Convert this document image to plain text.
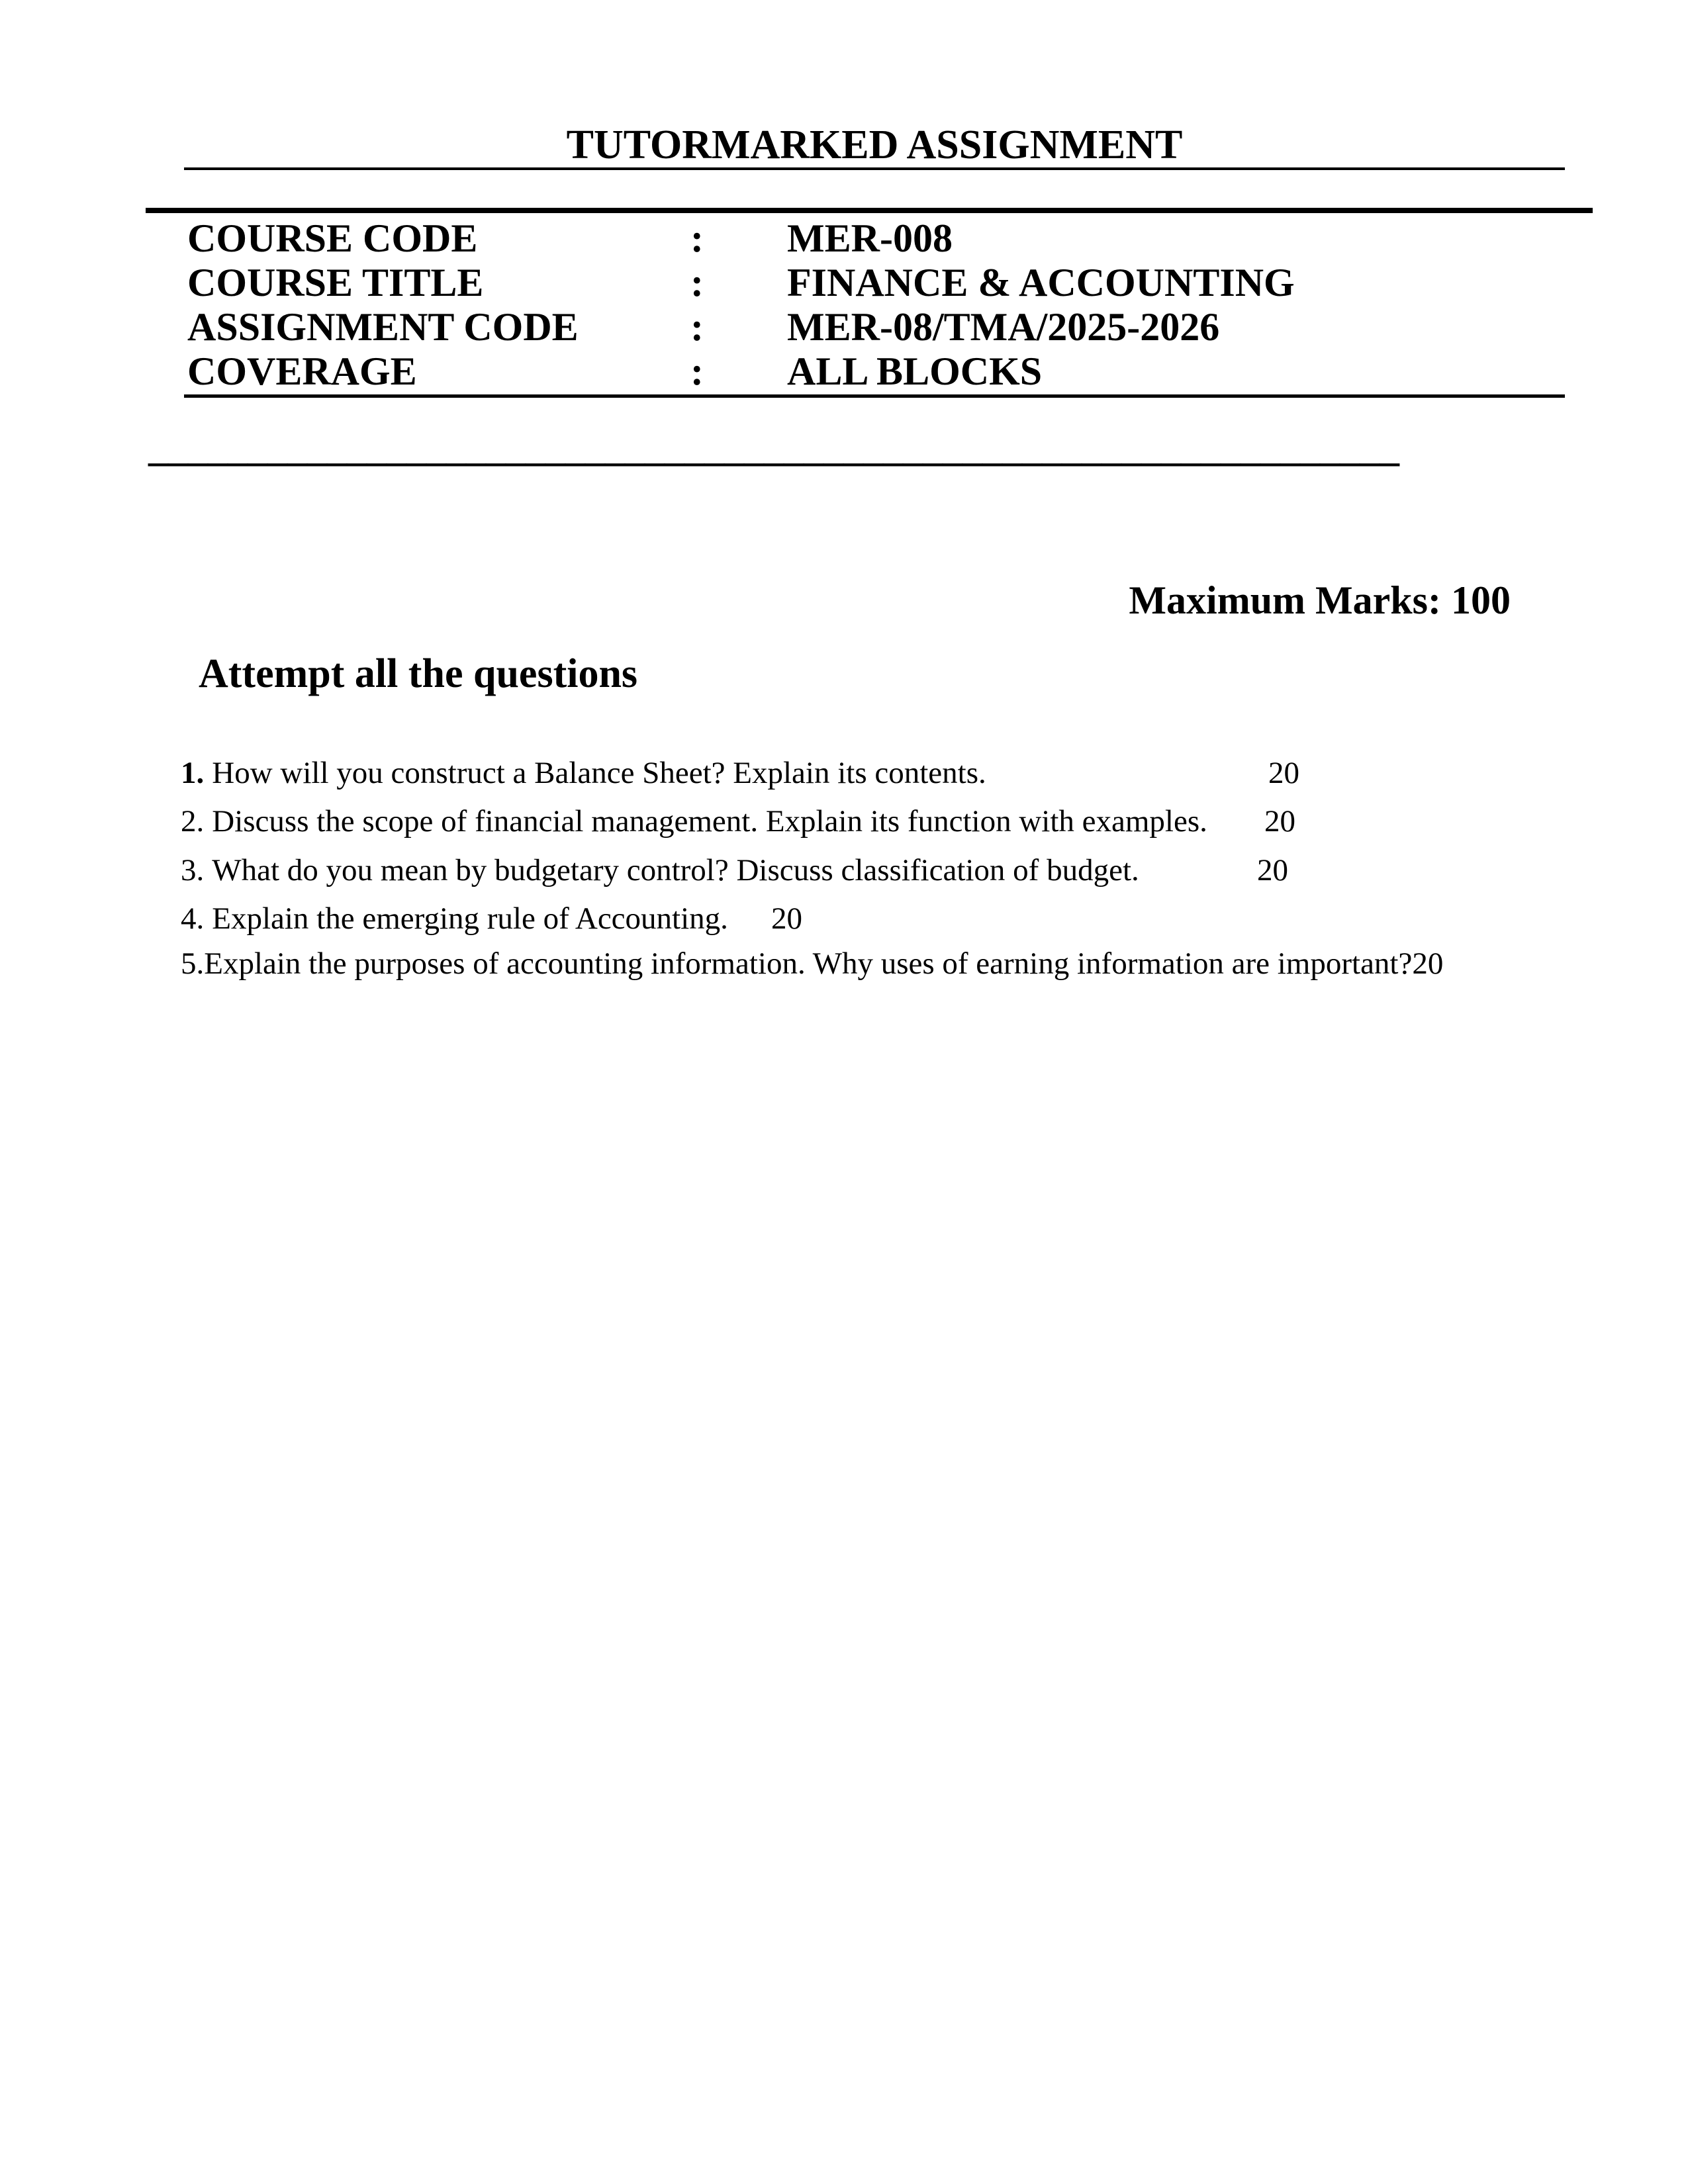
TUTORMARKED ASSIGNMENT
COURSE CODE	:	MER-008
COURSE TITLE	:	FINANCE & ACCOUNTING
ASSIGNMENT CODE	:	MER-08/TMA/2025-2026
COVERAGE	:	ALL BLOCKS
_______________________________________________________________
Maximum Marks: 100
Attempt all the questions
1. How will you construct a Balance Sheet? Explain its contents.	20
2. Discuss the scope of financial management. Explain its function with examples. 20
3. What do you mean by budgetary control? Discuss classification of budget.	20
4. Explain the emerging rule of Accounting. 20
5.Explain the purposes of accounting information. Why uses of earning information are important?20
